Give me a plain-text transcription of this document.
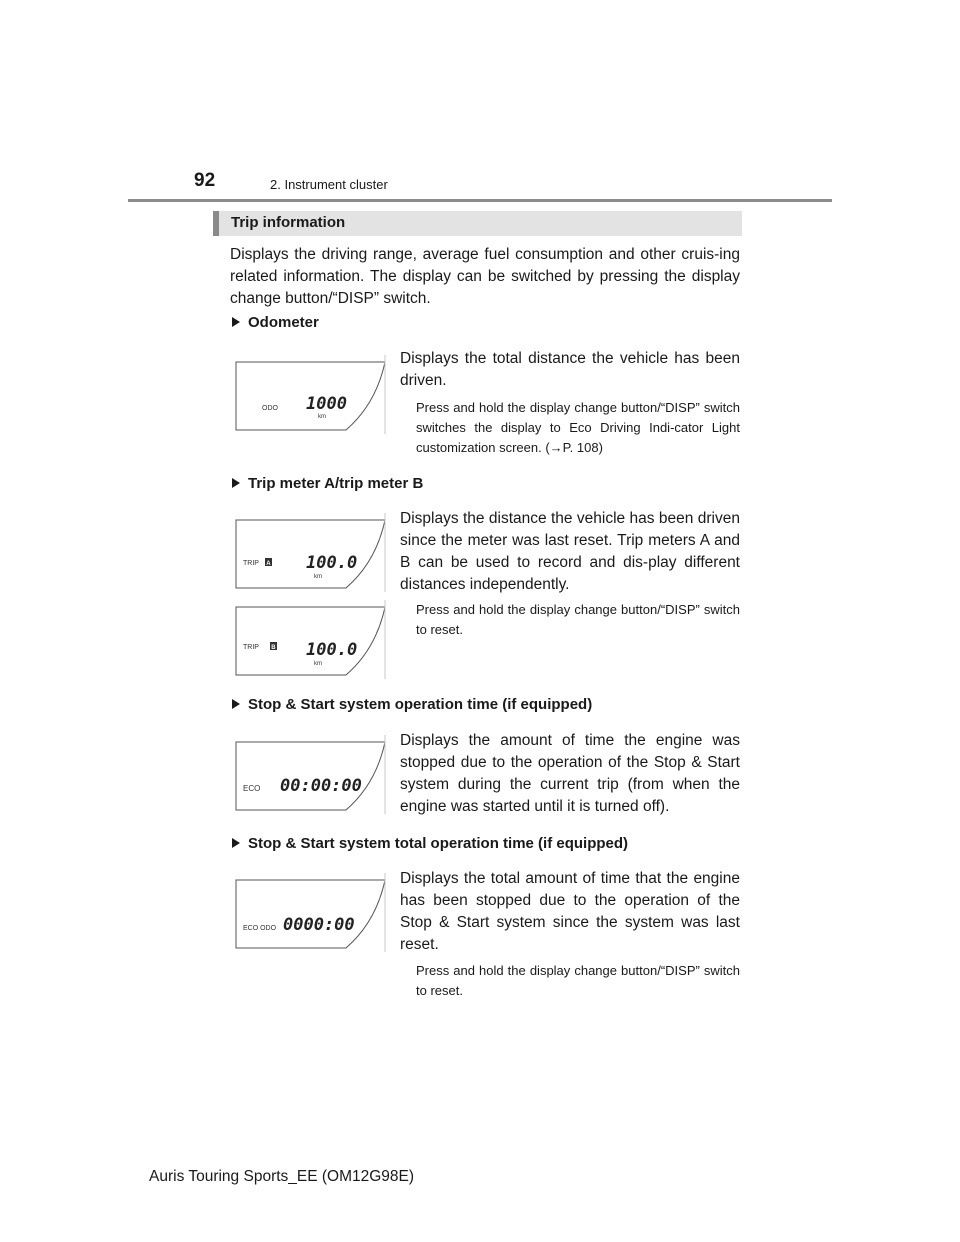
92	2. Instrument cluster
Trip information
Displays the driving range, average fuel consumption and other cruis-ing related information. The display can be switched by pressing the display change button/“DISP” switch.
Odometer
ODO 1000
km
Displays the total distance the vehicle has been driven.
Press and hold the display change button/“DISP” switch switches the display to Eco Driving Indi-cator Light customization screen. (→P. 108)
Trip meter A/trip meter B
TRIP A 100.0
km
TRIP B 100.0
km
Displays the distance the vehicle has been driven since the meter was last reset. Trip meters A and B can be used to record and dis-play different distances independently.
Press and hold the display change button/“DISP” switch to reset.
Stop & Start system operation time (if equipped)
ECO 00:00:00
Displays the amount of time the engine was stopped due to the operation of the Stop & Start system during the current trip (from when the engine was started until it is turned off).
Stop & Start system total operation time (if equipped)
ECO ODO 0000:00
Displays the total amount of time that the engine has been stopped due to the operation of the Stop & Start system since the system was last reset.
Press and hold the display change button/“DISP” switch to reset.
Auris Touring Sports_EE (OM12G98E)
